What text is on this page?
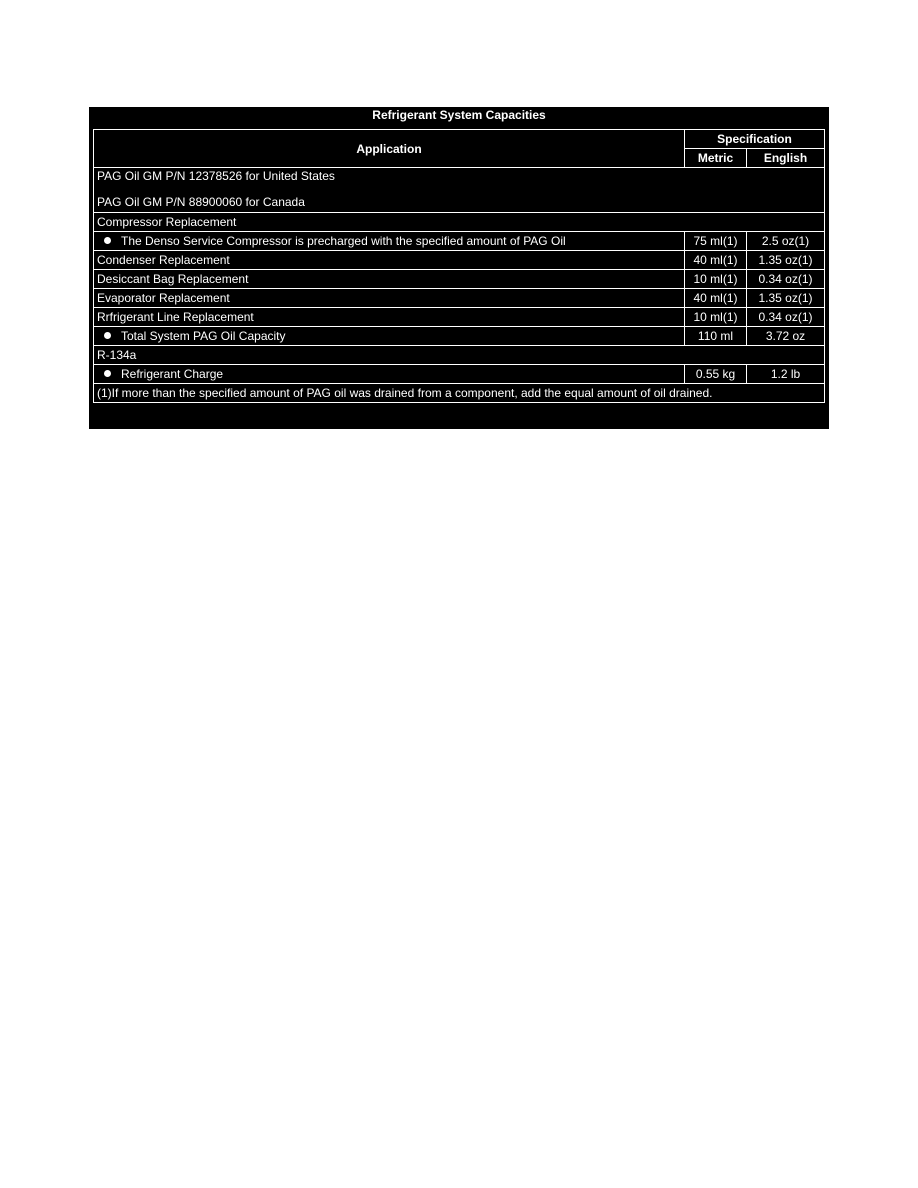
Refrigerant System Capacities
Application	Specification	
	Metric	English
PAG Oil GM P/N 12378526 for United States
PAG Oil GM P/N 88900060 for Canada		

Compressor Replacement		
The Denso Service Compressor is precharged with the specified amount of PAG Oil	75 ml(1)	2.5 oz(1)
Condenser Replacement	40 ml(1)	1.35 oz(1)
Desiccant Bag Replacement	10 ml(1)	0.34 oz(1)
Evaporator Replacement	40 ml(1)	1.35 oz(1)
Rrfrigerant Line Replacement	10 ml(1)	0.34 oz(1)
Total System PAG Oil Capacity	110 ml	3.72 oz
R-134a		
Refrigerant Charge	0.55 kg	1.2 lb
(1)If more than the specified amount of PAG oil was drained from a component, add the equal amount of oil drained.		
